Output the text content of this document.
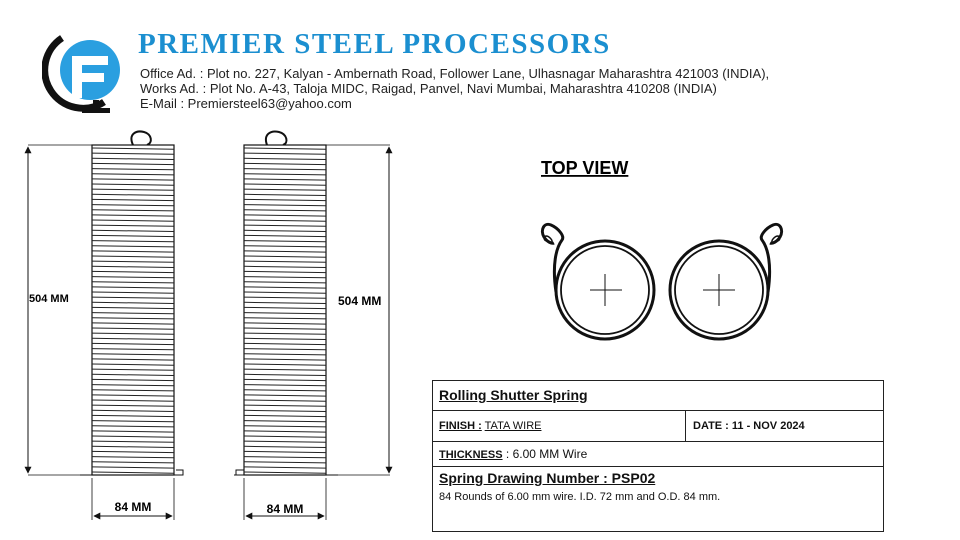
PREMIER STEEL PROCESSORS
Office Ad. : Plot no. 227, Kalyan - Ambernath Road, Follower Lane, Ulhasnagar Maharashtra 421003 (INDIA),
Works Ad. : Plot No. A-43, Taloja MIDC, Raigad, Panvel, Navi Mumbai, Maharashtra 410208 (INDIA)
E-Mail : Premiersteel63@yahoo.com
504 MM
84 MM
504 MM
84 MM
TOP VIEW
Rolling Shutter Spring
FINISH : TATA WIRE	DATE : 11 - NOV 2024
THICKNESS : 6.00 MM Wire
Spring Drawing Number : PSP02
84 Rounds of 6.00 mm wire. I.D. 72 mm and O.D. 84 mm.
